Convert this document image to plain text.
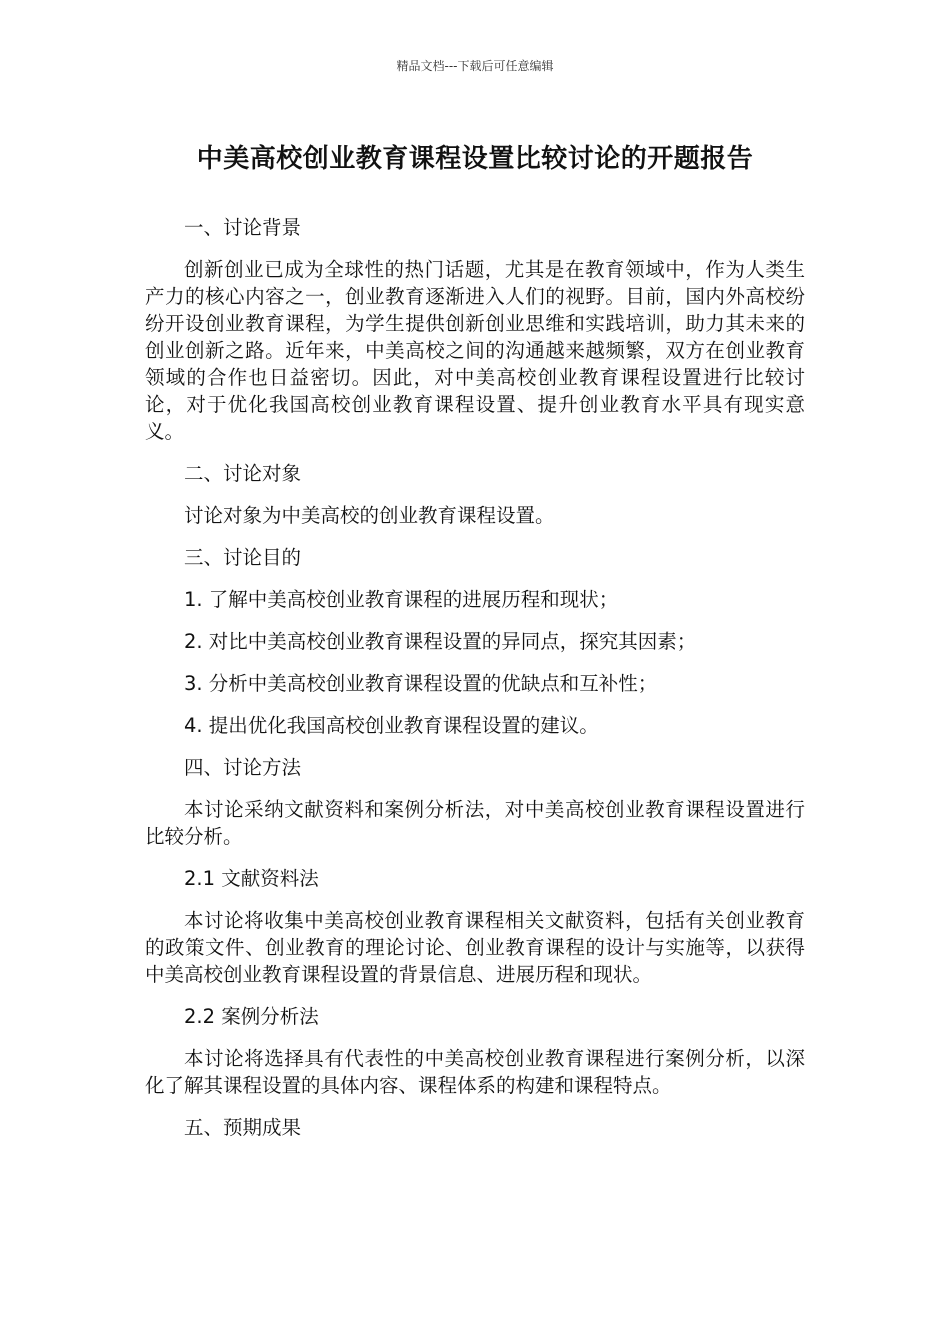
精品文档---下载后可任意编辑
中美高校创业教育课程设置比较讨论的开题报告

一、讨论背景

创新创业已成为全球性的热门话题，尤其是在教育领域中，作为人类生产力的核心内容之一，创业教育逐渐进入人们的视野。目前，国内外高校纷纷开设创业教育课程，为学生提供创新创业思维和实践培训，助力其未来的创业创新之路。近年来，中美高校之间的沟通越来越频繁，双方在创业教育领域的合作也日益密切。因此，对中美高校创业教育课程设置进行比较讨论，对于优化我国高校创业教育课程设置、提升创业教育水平具有现实意义。

二、讨论对象

讨论对象为中美高校的创业教育课程设置。

三、讨论目的

1. 了解中美高校创业教育课程的进展历程和现状；

2. 对比中美高校创业教育课程设置的异同点，探究其因素；

3. 分析中美高校创业教育课程设置的优缺点和互补性；

4. 提出优化我国高校创业教育课程设置的建议。

四、讨论方法

本讨论采纳文献资料和案例分析法，对中美高校创业教育课程设置进行比较分析。

2.1 文献资料法

本讨论将收集中美高校创业教育课程相关文献资料，包括有关创业教育的政策文件、创业教育的理论讨论、创业教育课程的设计与实施等，以获得中美高校创业教育课程设置的背景信息、进展历程和现状。

2.2 案例分析法

本讨论将选择具有代表性的中美高校创业教育课程进行案例分析，以深化了解其课程设置的具体内容、课程体系的构建和课程特点。

五、预期成果
